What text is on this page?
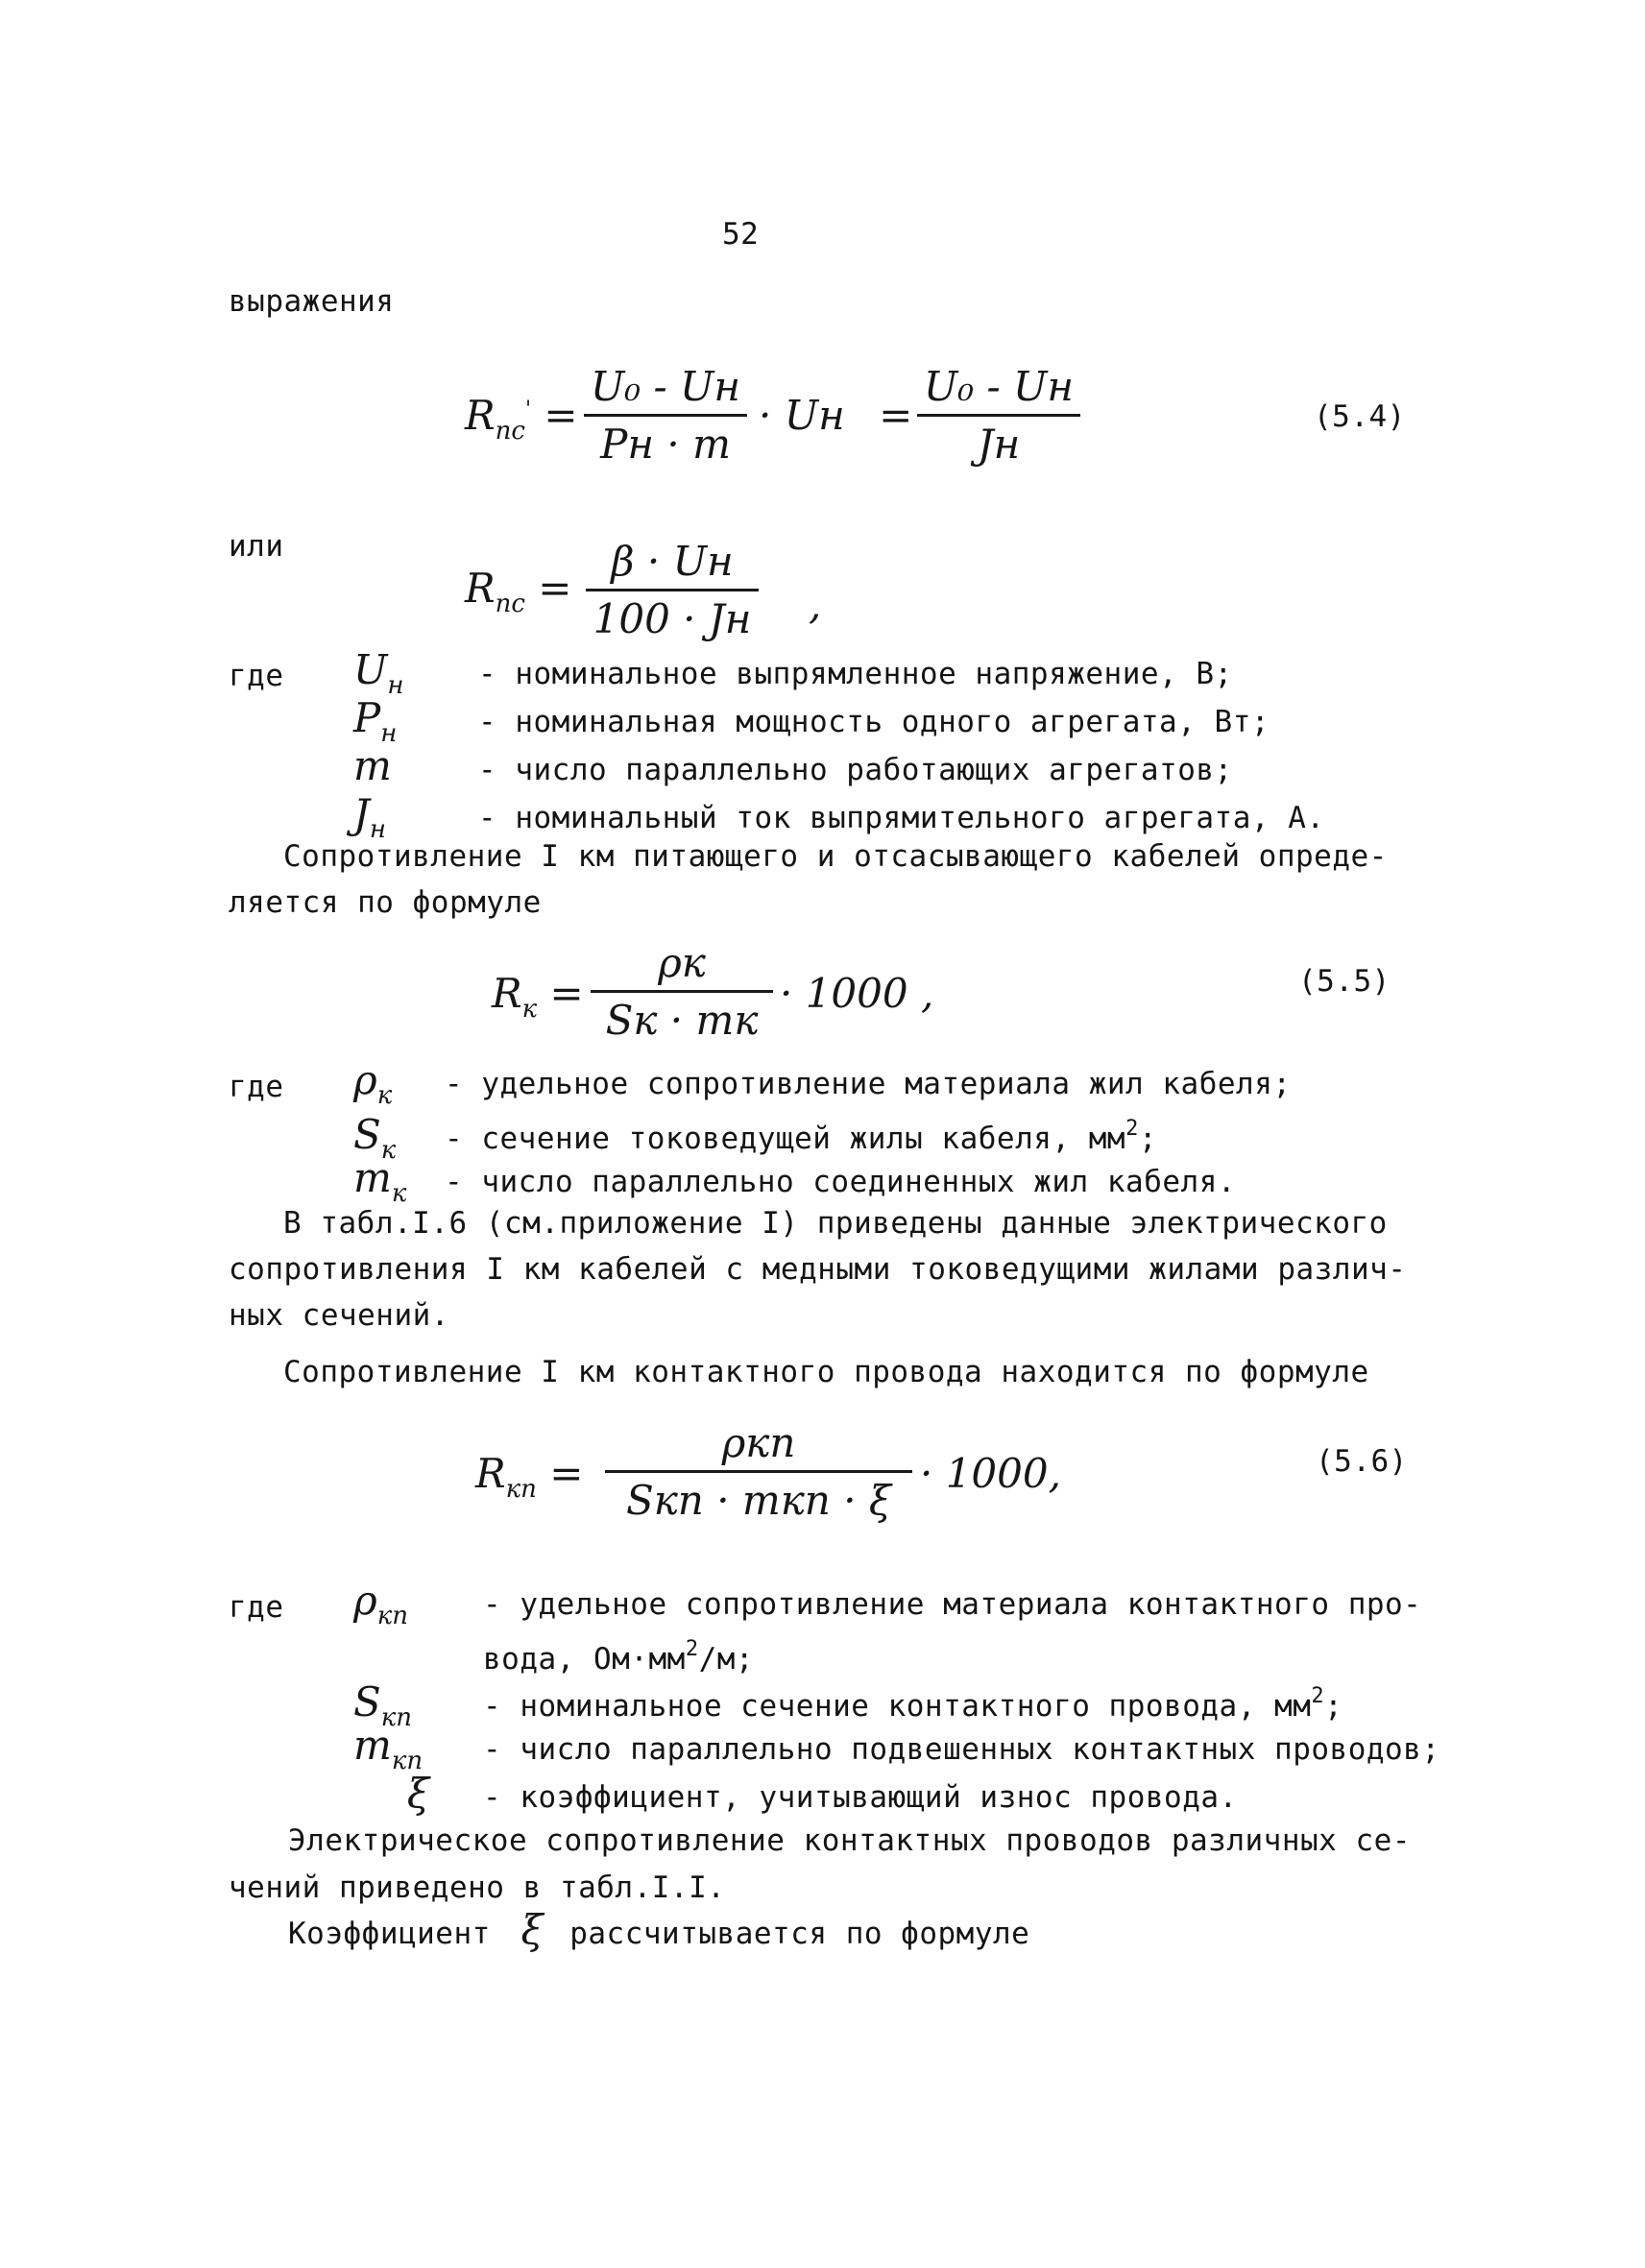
52
выражения
$R_{пс}'$ =
U₀ - Uн
Pн · m
· Uн =
U₀ - Uн
Jн
(5.4)
или
$R_{пс}$ =
β · Uн
100 · Jн ,
где $U_н$ - номинальное выпрямленное напряжение, В;
$P_н$	- номинальная мощность одного агрегата, Вт;
m	- число параллельно работающих агрегатов;
$J_н$	- номинальный ток выпрямительного агрегата, А.
Сопротивление I км питающего и отсасывающего кабелей опреде-
ляется по формуле
$R_к$ =
ρк
Sк · mк
· 1000 ,	(5.5)
где $\rho_к$ - удельное сопротивление материала жил кабеля;
$S_к$ - сечение токоведущей жилы кабеля, мм2;
$m_к$ - число параллельно соединенных жил кабеля.
В табл.I.6 (см.приложение I) приведены данные электрического
сопротивления I км кабелей с медными токоведущими жилами различ-
ных сечений.
Сопротивление I км контактного провода находится по формуле
$R_{кп}$ =
ρкп
Sкп · mкп · ξ
· 1000,	(5.6)
где $\rho_{кп}$	- удельное сопротивление материала контактного про-
вода, Ом·мм2/м;
$S_{кп}$ - номинальное сечение контактного провода, мм2;
$m_{кп}$ - число параллельно подвешенных контактных проводов;
ξ - коэффициент, учитывающий износ провода.
Электрическое сопротивление контактных проводов различных се-
чений приведено в табл.I.I.
Коэффициент ξ рассчитывается по формуле
